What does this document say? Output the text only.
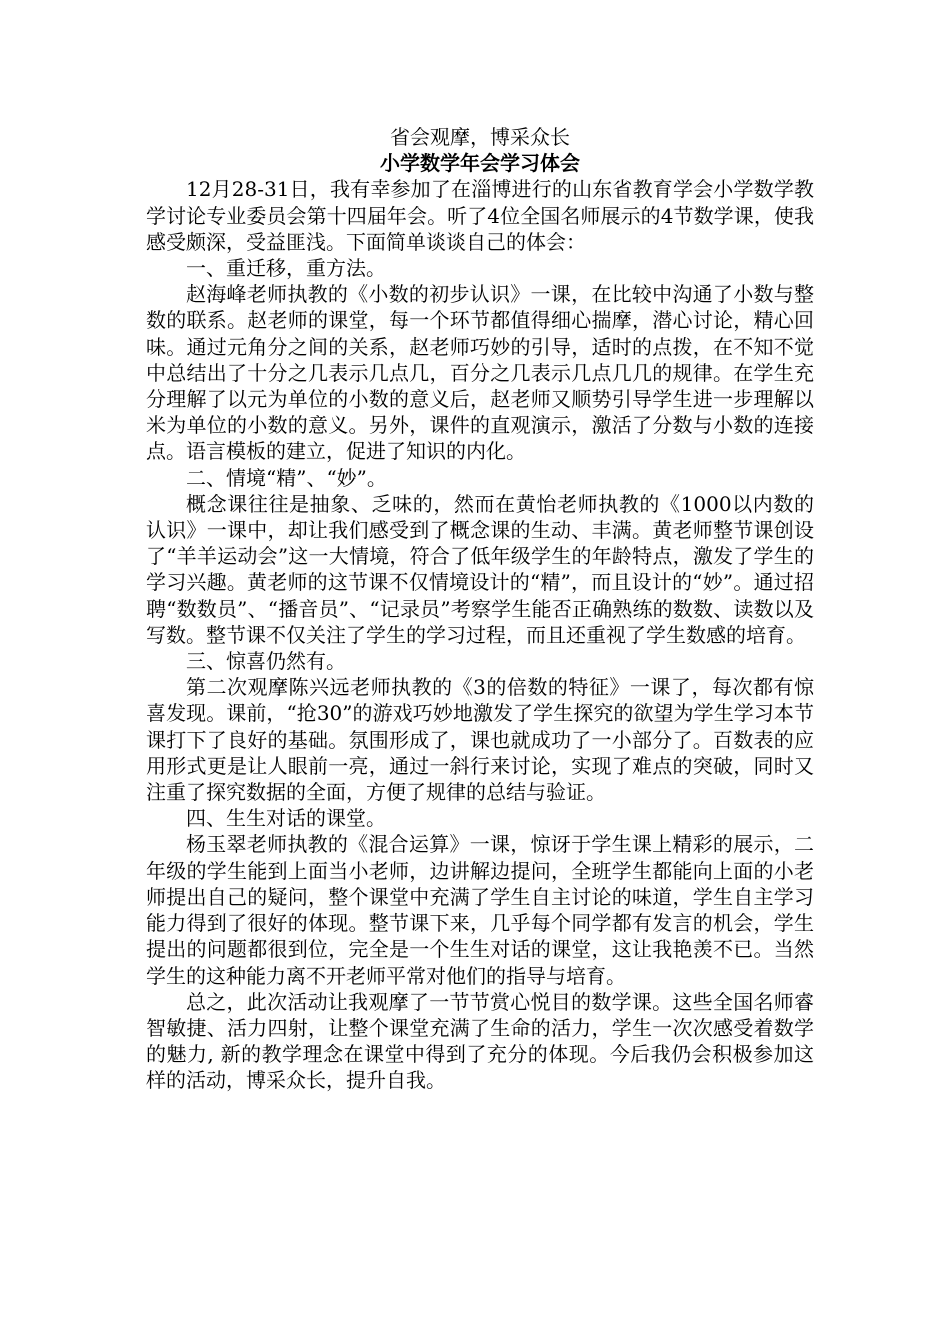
省会观摩，博采众长

小学数学年会学习体会

12月28-31日，我有幸参加了在淄博进行的山东省教育学会小学数学教学讨论专业委员会第十四届年会。听了4位全国名师展示的4节数学课，使我感受颇深，受益匪浅。下面简单谈谈自己的体会：

一、重迁移，重方法。

赵海峰老师执教的《小数的初步认识》一课，在比较中沟通了小数与整数的联系。赵老师的课堂，每一个环节都值得细心揣摩，潜心讨论，精心回味。通过元角分之间的关系，赵老师巧妙的引导，适时的点拨，在不知不觉中总结出了十分之几表示几点几，百分之几表示几点几几的规律。在学生充分理解了以元为单位的小数的意义后，赵老师又顺势引导学生进一步理解以米为单位的小数的意义。另外，课件的直观演示，激活了分数与小数的连接点。语言模板的建立，促进了知识的内化。

二、情境“精”、“妙”。

概念课往往是抽象、乏味的，然而在黄怡老师执教的《1000以内数的认识》一课中，却让我们感受到了概念课的生动、丰满。黄老师整节课创设了“羊羊运动会”这一大情境，符合了低年级学生的年龄特点，激发了学生的学习兴趣。黄老师的这节课不仅情境设计的“精”，而且设计的“妙”。通过招聘“数数员”、“播音员”、“记录员”考察学生能否正确熟练的数数、读数以及写数。整节课不仅关注了学生的学习过程，而且还重视了学生数感的培育。

三、惊喜仍然有。

第二次观摩陈兴远老师执教的《3的倍数的特征》一课了，每次都有惊喜发现。课前，“抢30”的游戏巧妙地激发了学生探究的欲望为学生学习本节课打下了良好的基础。氛围形成了，课也就成功了一小部分了。百数表的应用形式更是让人眼前一亮，通过一斜行来讨论，实现了难点的突破，同时又注重了探究数据的全面，方便了规律的总结与验证。

四、生生对话的课堂。

杨玉翠老师执教的《混合运算》一课，惊讶于学生课上精彩的展示，二年级的学生能到上面当小老师，边讲解边提问，全班学生都能向上面的小老师提出自己的疑问，整个课堂中充满了学生自主讨论的味道，学生自主学习能力得到了很好的体现。整节课下来，几乎每个同学都有发言的机会，学生提出的问题都很到位，完全是一个生生对话的课堂，这让我艳羡不已。当然学生的这种能力离不开老师平常对他们的指导与培育。

总之，此次活动让我观摩了一节节赏心悦目的数学课。这些全国名师睿智敏捷、活力四射，让整个课堂充满了生命的活力，学生一次次感受着数学的魅力, 新的教学理念在课堂中得到了充分的体现。今后我仍会积极参加这样的活动，博采众长，提升自我。
